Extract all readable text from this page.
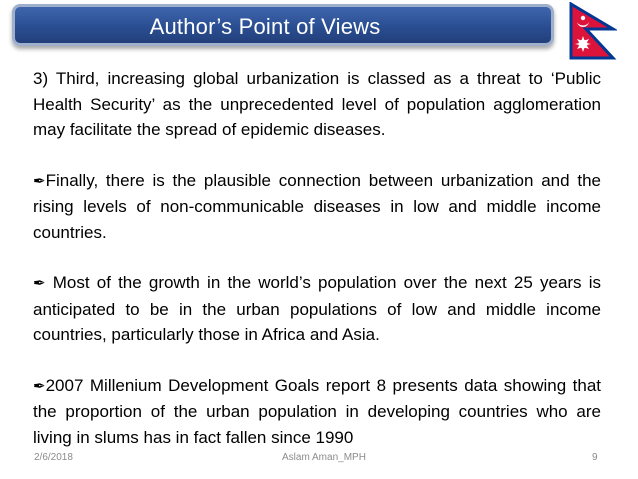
Author’s Point of Views

3) Third, increasing global urbanization is classed as a threat to ‘Public Health Security’ as the unprecedented level of population agglomeration may facilitate the spread of epidemic diseases.

✒Finally, there is the plausible connection between urbanization and the rising levels of non-communicable diseases in low and middle income countries.

✒ Most of the growth in the world’s population over the next 25 years is anticipated to be in the urban populations of low and middle income countries, particularly those in Africa and Asia.

✒2007 Millenium Development Goals report 8 presents data showing that the proportion of the urban population in developing countries who are living in slums has in fact fallen since 1990

2/6/2018	Aslam Aman_MPH	9
